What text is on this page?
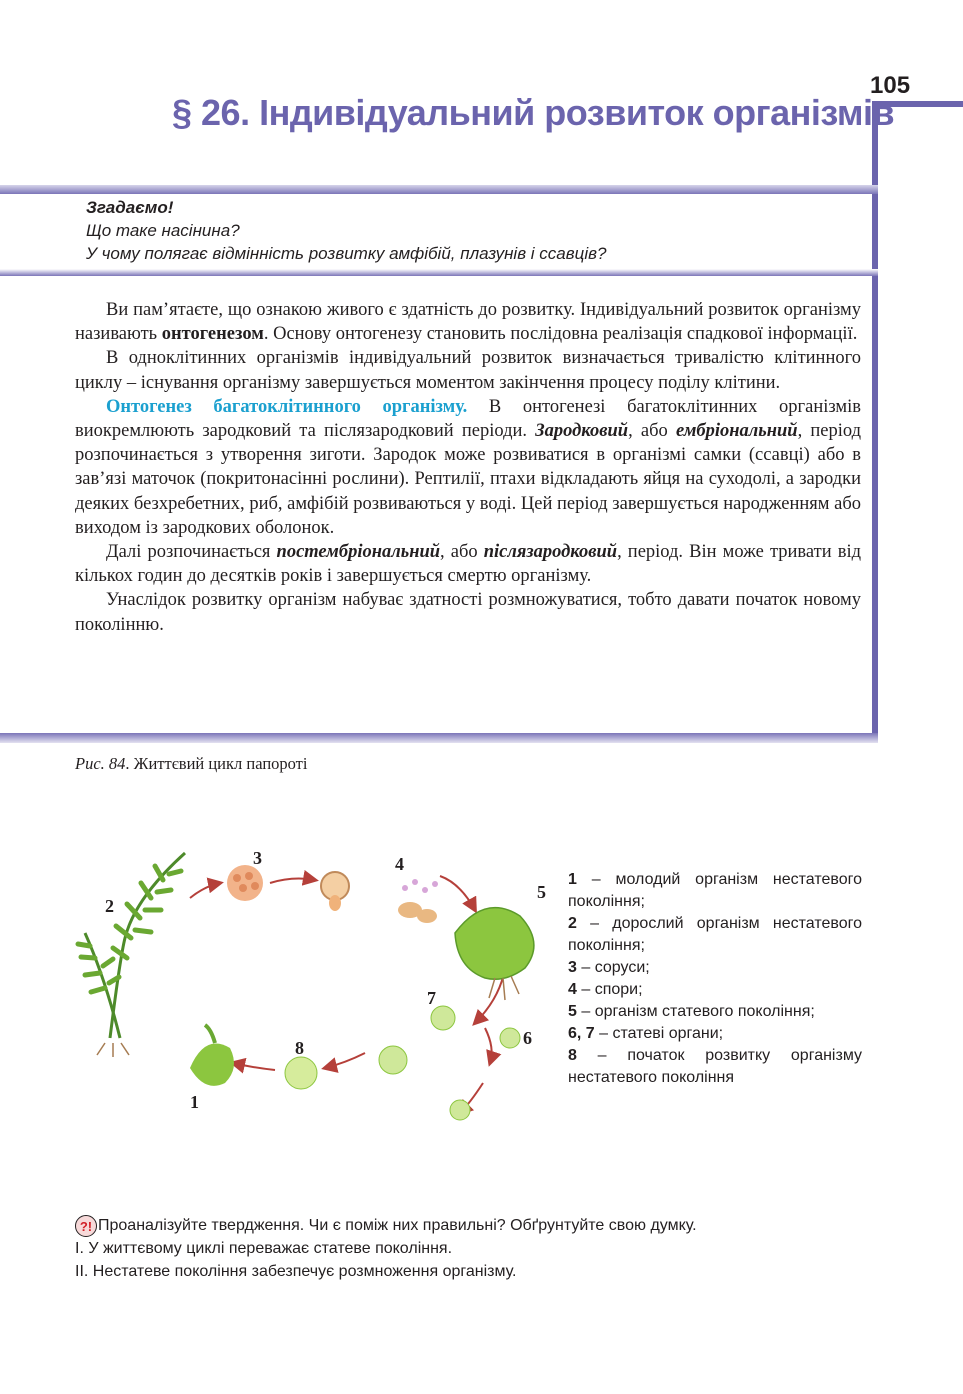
105
§ 26. Індивідуальний розвиток організмів
Згадаємо!
Що таке насінина?
У чому полягає відмінність розвитку амфібій, плазунів і ссавців?

Ви пам’ятаєте, що ознакою живого є здатність до розвитку. Індивідуальний розвиток організму називають онтогенезом. Основу онтогенезу становить послідовна реалізація спадкової інформації.

В одноклітинних організмів індивідуальний розвиток визначається тривалістю клітинного циклу – існування організму завершується моментом закінчення процесу поділу клітини.

Онтогенез багатоклітинного організму. В онтогенезі багатоклітинних організмів виокремлюють зародковий та післязародковий періоди. Зародковий, або ембріональний, період розпочинається з утворення зиготи. Зародок може розвиватися в організмі самки (ссавці) або в зав’язі маточок (покритонасінні рослини). Рептилії, птахи відкладають яйця на суходолі, а зародки деяких безхребетних, риб, амфібій розвиваються у воді. Цей період завершується народженням або виходом із зародкових оболонок.

Далі розпочинається постембріональний, або післязародковий, період. Він може тривати від кількох годин до десятків років і завершується смертю організму.

Унаслідок розвитку організм набуває здатності розмножуватися, тобто давати початок новому поколінню.

Рис. 84. Життєвий цикл папороті
1
2
3	4
5
6
7
8

1 – молодий організм нестатевого покоління;

2 – дорослий організм нестатевого покоління;

3 – соруси;

4 – спори;

5 – організм статевого покоління;

6, 7 – статеві органи;

8 – початок розвитку організму нестатевого покоління

?! Проаналізуйте твердження. Чи є поміж них правильні? Обґрунтуйте свою думку.
І. У життєвому циклі переважає статеве покоління.
ІІ. Нестатеве покоління забезпечує розмноження організму.
